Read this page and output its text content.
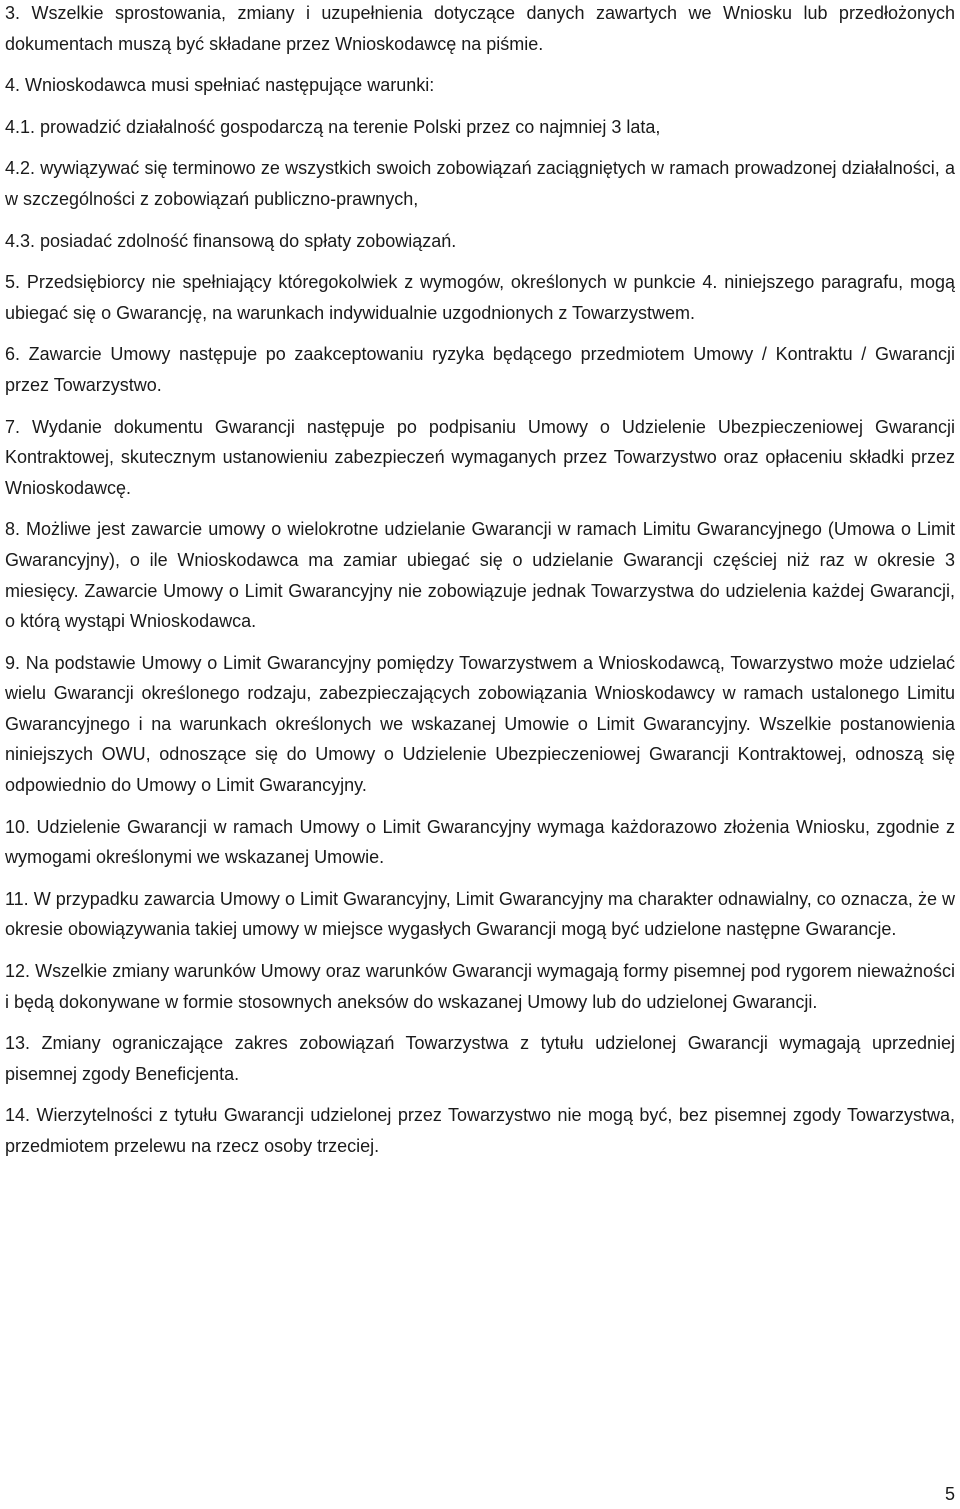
3. Wszelkie sprostowania, zmiany i uzupełnienia dotyczące danych zawartych we Wniosku lub przedłożonych dokumentach muszą być składane przez Wnioskodawcę na piśmie.

4. Wnioskodawca musi spełniać następujące warunki:

4.1. prowadzić działalność gospodarczą na terenie Polski przez co najmniej 3 lata,

4.2. wywiązywać się terminowo ze wszystkich swoich zobowiązań zaciągniętych w ramach prowadzonej działalności, a w szczególności z zobowiązań publiczno-prawnych,

4.3. posiadać zdolność finansową do spłaty zobowiązań.

5. Przedsiębiorcy nie spełniający któregokolwiek z wymogów, określonych w punkcie 4. niniejszego paragrafu, mogą ubiegać się o Gwarancję, na warunkach indywidualnie uzgodnionych z Towarzystwem.

6. Zawarcie Umowy następuje po zaakceptowaniu ryzyka będącego przedmiotem Umowy / Kontraktu / Gwarancji przez Towarzystwo.

7. Wydanie dokumentu Gwarancji następuje po podpisaniu Umowy o Udzielenie Ubezpieczeniowej Gwarancji Kontraktowej, skutecznym ustanowieniu zabezpieczeń wymaganych przez Towarzystwo oraz opłaceniu składki przez Wnioskodawcę.

8. Możliwe jest zawarcie umowy o wielokrotne udzielanie Gwarancji w ramach Limitu Gwarancyjnego (Umowa o Limit Gwarancyjny), o ile Wnioskodawca ma zamiar ubiegać się o udzielanie Gwarancji częściej niż raz w okresie 3 miesięcy. Zawarcie Umowy o Limit Gwarancyjny nie zobowiązuje jednak Towarzystwa do udzielenia każdej Gwarancji, o którą wystąpi Wnioskodawca.

9. Na podstawie Umowy o Limit Gwarancyjny pomiędzy Towarzystwem a Wnioskodawcą, Towarzystwo może udzielać wielu Gwarancji określonego rodzaju, zabezpieczających zobowiązania Wnioskodawcy w ramach ustalonego Limitu Gwarancyjnego i na warunkach określonych we wskazanej Umowie o Limit Gwarancyjny. Wszelkie postanowienia niniejszych OWU, odnoszące się do Umowy o Udzielenie Ubezpieczeniowej Gwarancji Kontraktowej, odnoszą się odpowiednio do Umowy o Limit Gwarancyjny.

10. Udzielenie Gwarancji w ramach Umowy o Limit Gwarancyjny wymaga każdorazowo złożenia Wniosku, zgodnie z wymogami określonymi we wskazanej Umowie.

11. W przypadku zawarcia Umowy o Limit Gwarancyjny, Limit Gwarancyjny ma charakter odnawialny, co oznacza, że w okresie obowiązywania takiej umowy w miejsce wygasłych Gwarancji mogą być udzielone następne Gwarancje.

12. Wszelkie zmiany warunków Umowy oraz warunków Gwarancji wymagają formy pisemnej pod rygorem nieważności i będą dokonywane w formie stosownych aneksów do wskazanej Umowy lub do udzielonej Gwarancji.

13. Zmiany ograniczające zakres zobowiązań Towarzystwa z tytułu udzielonej Gwarancji wymagają uprzedniej pisemnej zgody Beneficjenta.

14. Wierzytelności z tytułu Gwarancji udzielonej przez Towarzystwo nie mogą być, bez pisemnej zgody Towarzystwa, przedmiotem przelewu na rzecz osoby trzeciej.

5
